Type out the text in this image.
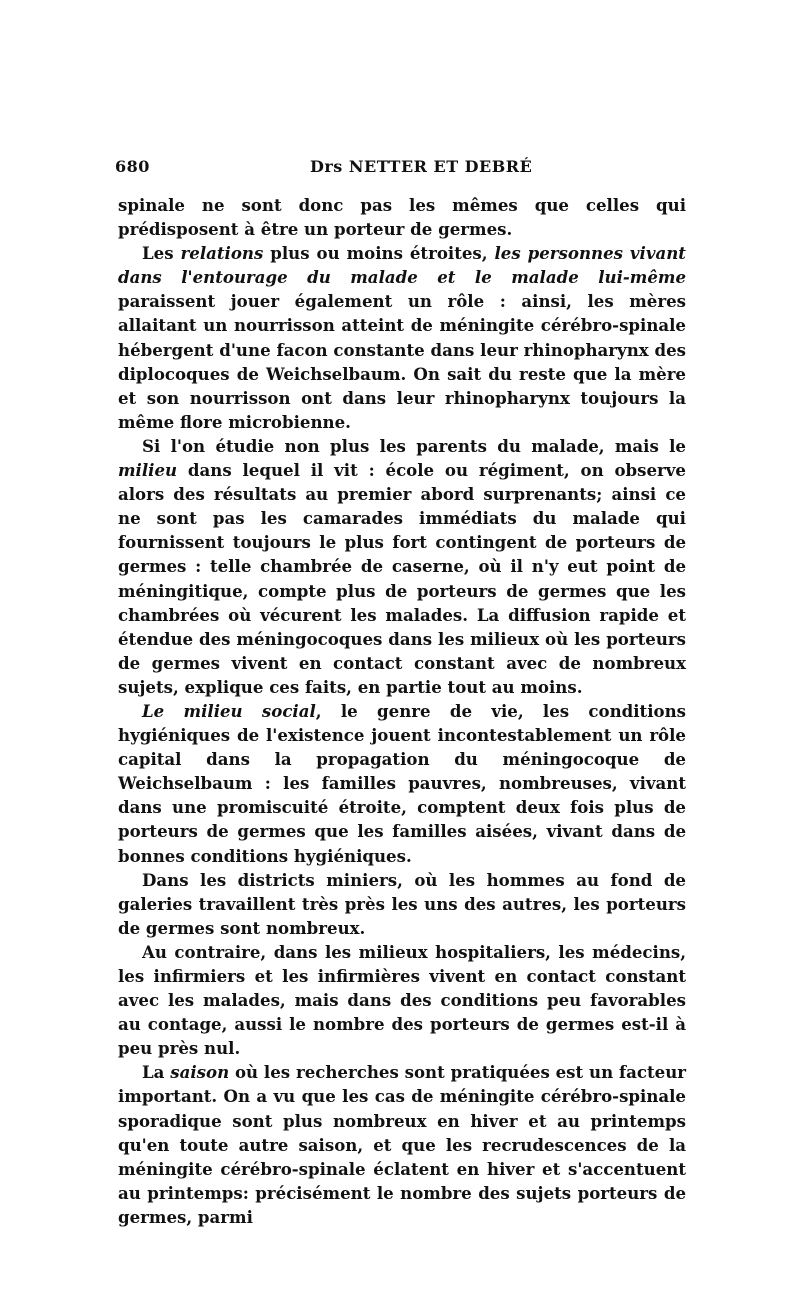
680	Drs NETTER ET DEBRÉ

spinale ne sont donc pas les mêmes que celles qui prédisposent à être un porteur de germes.

Les relations plus ou moins étroites, les personnes vivant dans l'entourage du malade et le malade lui-même paraissent jouer également un rôle : ainsi, les mères allaitant un nourrisson atteint de méningite cérébro-spinale hébergent d'une facon constante dans leur rhinopharynx des diplocoques de Weichselbaum. On sait du reste que la mère et son nourrisson ont dans leur rhinopharynx toujours la même flore microbienne.

Si l'on étudie non plus les parents du malade, mais le milieu dans lequel il vit : école ou régiment, on observe alors des résultats au premier abord surprenants; ainsi ce ne sont pas les camarades immédiats du malade qui fournissent toujours le plus fort contingent de porteurs de germes : telle chambrée de caserne, où il n'y eut point de méningitique, compte plus de porteurs de germes que les chambrées où vécurent les malades. La diffusion rapide et étendue des méningocoques dans les milieux où les porteurs de germes vivent en contact constant avec de nombreux sujets, explique ces faits, en partie tout au moins.

Le milieu social, le genre de vie, les conditions hygiéniques de l'existence jouent incontestablement un rôle capital dans la propagation du méningocoque de Weichselbaum : les familles pauvres, nombreuses, vivant dans une promiscuité étroite, comptent deux fois plus de porteurs de germes que les familles aisées, vivant dans de bonnes conditions hygiéniques.

Dans les districts miniers, où les hommes au fond de galeries travaillent très près les uns des autres, les porteurs de germes sont nombreux.

Au contraire, dans les milieux hospitaliers, les médecins, les infirmiers et les infirmières vivent en contact constant avec les malades, mais dans des conditions peu favorables au contage, aussi le nombre des porteurs de germes est-il à peu près nul.

La saison où les recherches sont pratiquées est un facteur important. On a vu que les cas de méningite cérébro-spinale sporadique sont plus nombreux en hiver et au printemps qu'en toute autre saison, et que les recrudescences de la méningite cérébro-spinale éclatent en hiver et s'accentuent au printemps: précisément le nombre des sujets porteurs de germes, parmi
